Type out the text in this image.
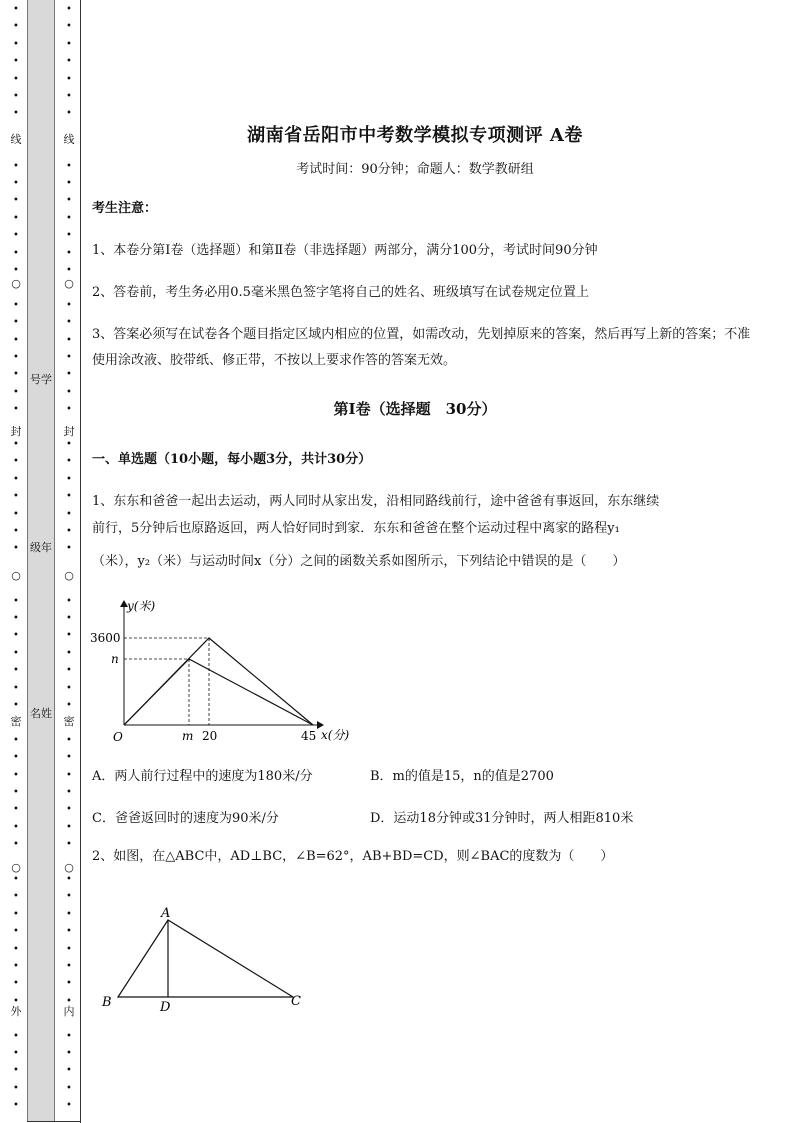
•
•
•
•
•
•
•
•
•
•
•
•
•
•
•
•
•
•
•
•
•
•
•
•
•
•
•
•
•
•
•
•
•
•
•
•
•
•
•
•
•
•
•
•
•
•
•
•
•
•
•
•
•
•
•
线
封
密
外
○
○
○
号学
级年
名姓
•
•
•
•
•
•
•
•
•
•
•
•
•
•
•
•
•
•
•
•
•
•
•
•
•
•
•
•
•
•
•
•
•
•
•
•
•
•
•
•
•
•
•
•
•
•
•
•
•
•
•
•
•
•
•
线
封
密
内
○
○
○
湖南省岳阳市中考数学模拟专项测评 A卷
考试时间：90分钟；命题人：数学教研组
考生注意：
1、本卷分第Ⅰ卷（选择题）和第Ⅱ卷（非选择题）两部分，满分100分，考试时间90分钟
2、答卷前，考生务必用0.5毫米黑色签字笔将自己的姓名、班级填写在试卷规定位置上
3、答案必须写在试卷各个题目指定区域内相应的位置，如需改动，先划掉原来的答案，然后再写上新的答案；不准使用涂改液、胶带纸、修正带，不按以上要求作答的答案无效。
第Ⅰ卷（选择题　30分）
一、单选题（10小题，每小题3分，共计30分）
1、东东和爸爸一起出去运动，两人同时从家出发，沿相同路线前行，途中爸爸有事返回，东东继续
前行，5分钟后也原路返回，两人恰好同时到家．东东和爸爸在整个运动过程中离家的路程y₁
（米），y₂（米）与运动时间x（分）之间的函数关系如图所示，下列结论中错误的是（　　）
y(米)
x(分)
O
3600
n
m 20	45
A．两人前行过程中的速度为180米/分	B．m的值是15，n的值是2700
C．爸爸返回时的速度为90米/分	D．运动18分钟或31分钟时，两人相距810米
2、如图，在△ABC中，AD⊥BC，∠B=62°，AB+BD=CD，则∠BAC的度数为（　　）
A
B	C
D
